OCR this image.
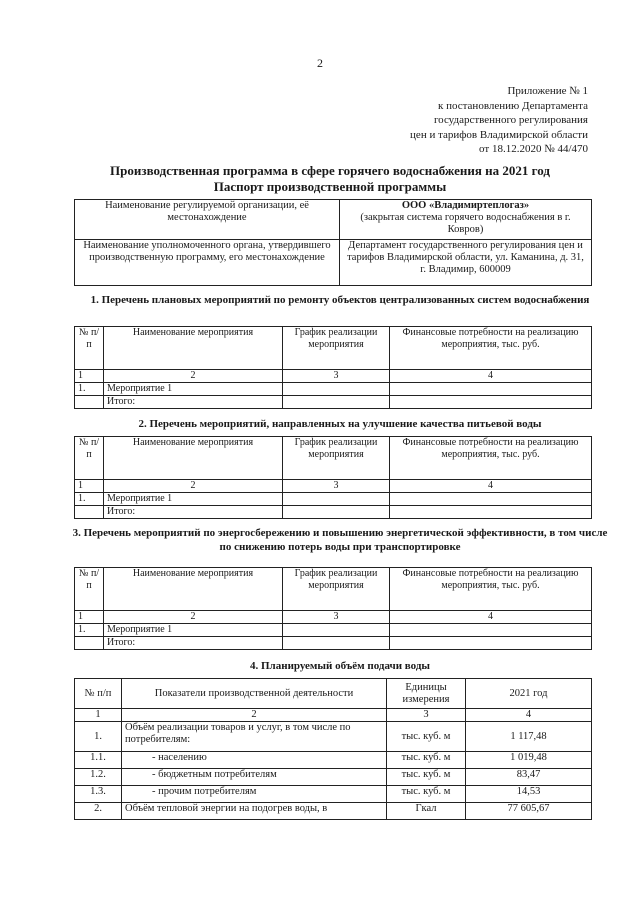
2
Приложение № 1
к постановлению Департамента
государственного регулирования
цен и тарифов Владимирской области
от 18.12.2020 № 44/470
Производственная программа в сфере горячего водоснабжения на 2021 год
Паспорт производственной программы
Наименование регулируемой организации, её местонахождение	ООО «Владимиртеплогаз»
(закрытая система горячего водоснабжения в г. Ковров)

Наименование уполномоченного органа, утвердившего производственную программу, его местонахождение	Департамент государственного регулирования цен и тарифов Владимирской области, ул. Каманина, д. 31, г. Владимир, 600009
1. Перечень плановых мероприятий по ремонту объектов централизованных систем водоснабжения
№ п/п	Наименование мероприятия	График реализации мероприятия	Финансовые потребности на реализацию мероприятия, тыс. руб.
1	2	3	4
1.	Мероприятие 1		
	Итого:		
2. Перечень мероприятий, направленных на улучшение качества питьевой воды
№ п/п	Наименование мероприятия	График реализации мероприятия	Финансовые потребности на реализацию мероприятия, тыс. руб.
1	2	3	4
1.	Мероприятие 1		
	Итого:		
3. Перечень мероприятий по энергосбережению и повышению энергетической эффективности, в том числе по снижению потерь воды при транспортировке
№ п/п	Наименование мероприятия	График реализации мероприятия	Финансовые потребности на реализацию мероприятия, тыс. руб.
1	2	3	4
1.	Мероприятие 1		
	Итого:		
4. Планируемый объём подачи воды
№ п/п	Показатели производственной деятельности	Единицы измерения	2021 год
1	2	3	4
1.	Объём реализации товаров и услуг, в том числе по потребителям:	тыс. куб. м	1 117,48
1.1.	- населению	тыс. куб. м	1 019,48
1.2.	- бюджетным потребителям	тыс. куб. м	83,47
1.3.	- прочим потребителям	тыс. куб. м	14,53
2.	Объём тепловой энергии на подогрев воды, в	Гкал	77 605,67
